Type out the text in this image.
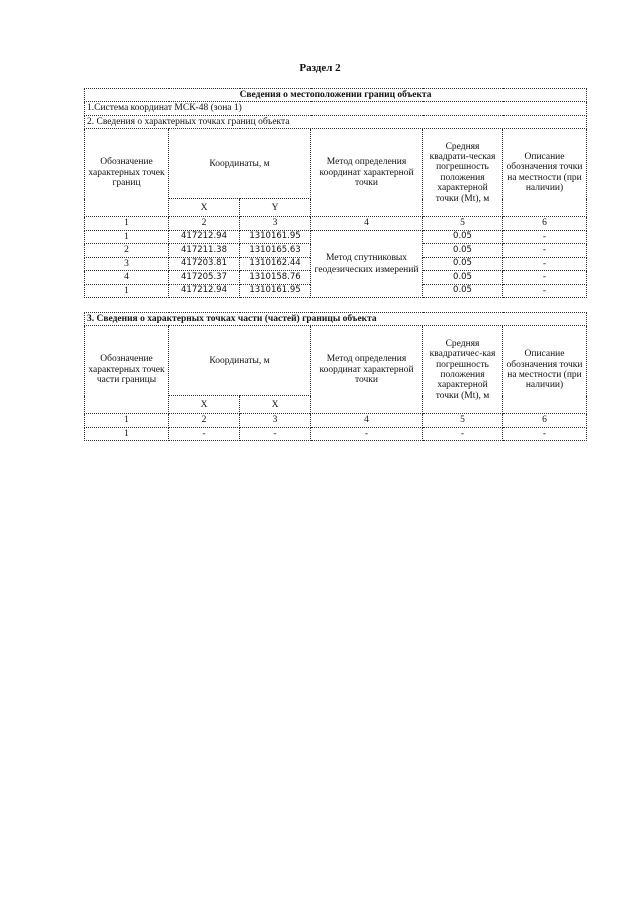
Раздел 2
Сведения о местоположении границ объекта					
1.Система координат МСК-48 (зона 1)					
2. Сведения о характерных точках границ объекта					
Обозначение характерных точек границ	Координаты, м		Метод определения координат характерной точки	Средняя квадрати-ческая погрешность положения характерной точки (Mt), м	Описание обозначения точки на местности (при наличии)
	X	Y			
1	2	3	4	5	6
1	417212.94	1310161.95	Метод спутниковых геодезических измерений	0.05	-
2	417211.38	1310165.63		0.05	-
3	417203.81	1310162.44		0.05	-
4	417205.37	1310158.76		0.05	-
1	417212.94	1310161.95		0.05	-
3. Сведения о характерных точках части (частей) границы объекта					
Обозначение характерных точек части границы	Координаты, м		Метод определения координат характерной точки	Средняя квадратичес-кая погрешность положения характерной точки (Mt), м	Описание обозначения точки на местности (при наличии)
	X	X			
1	2	3	4	5	6
1	-	-	-	-	-
